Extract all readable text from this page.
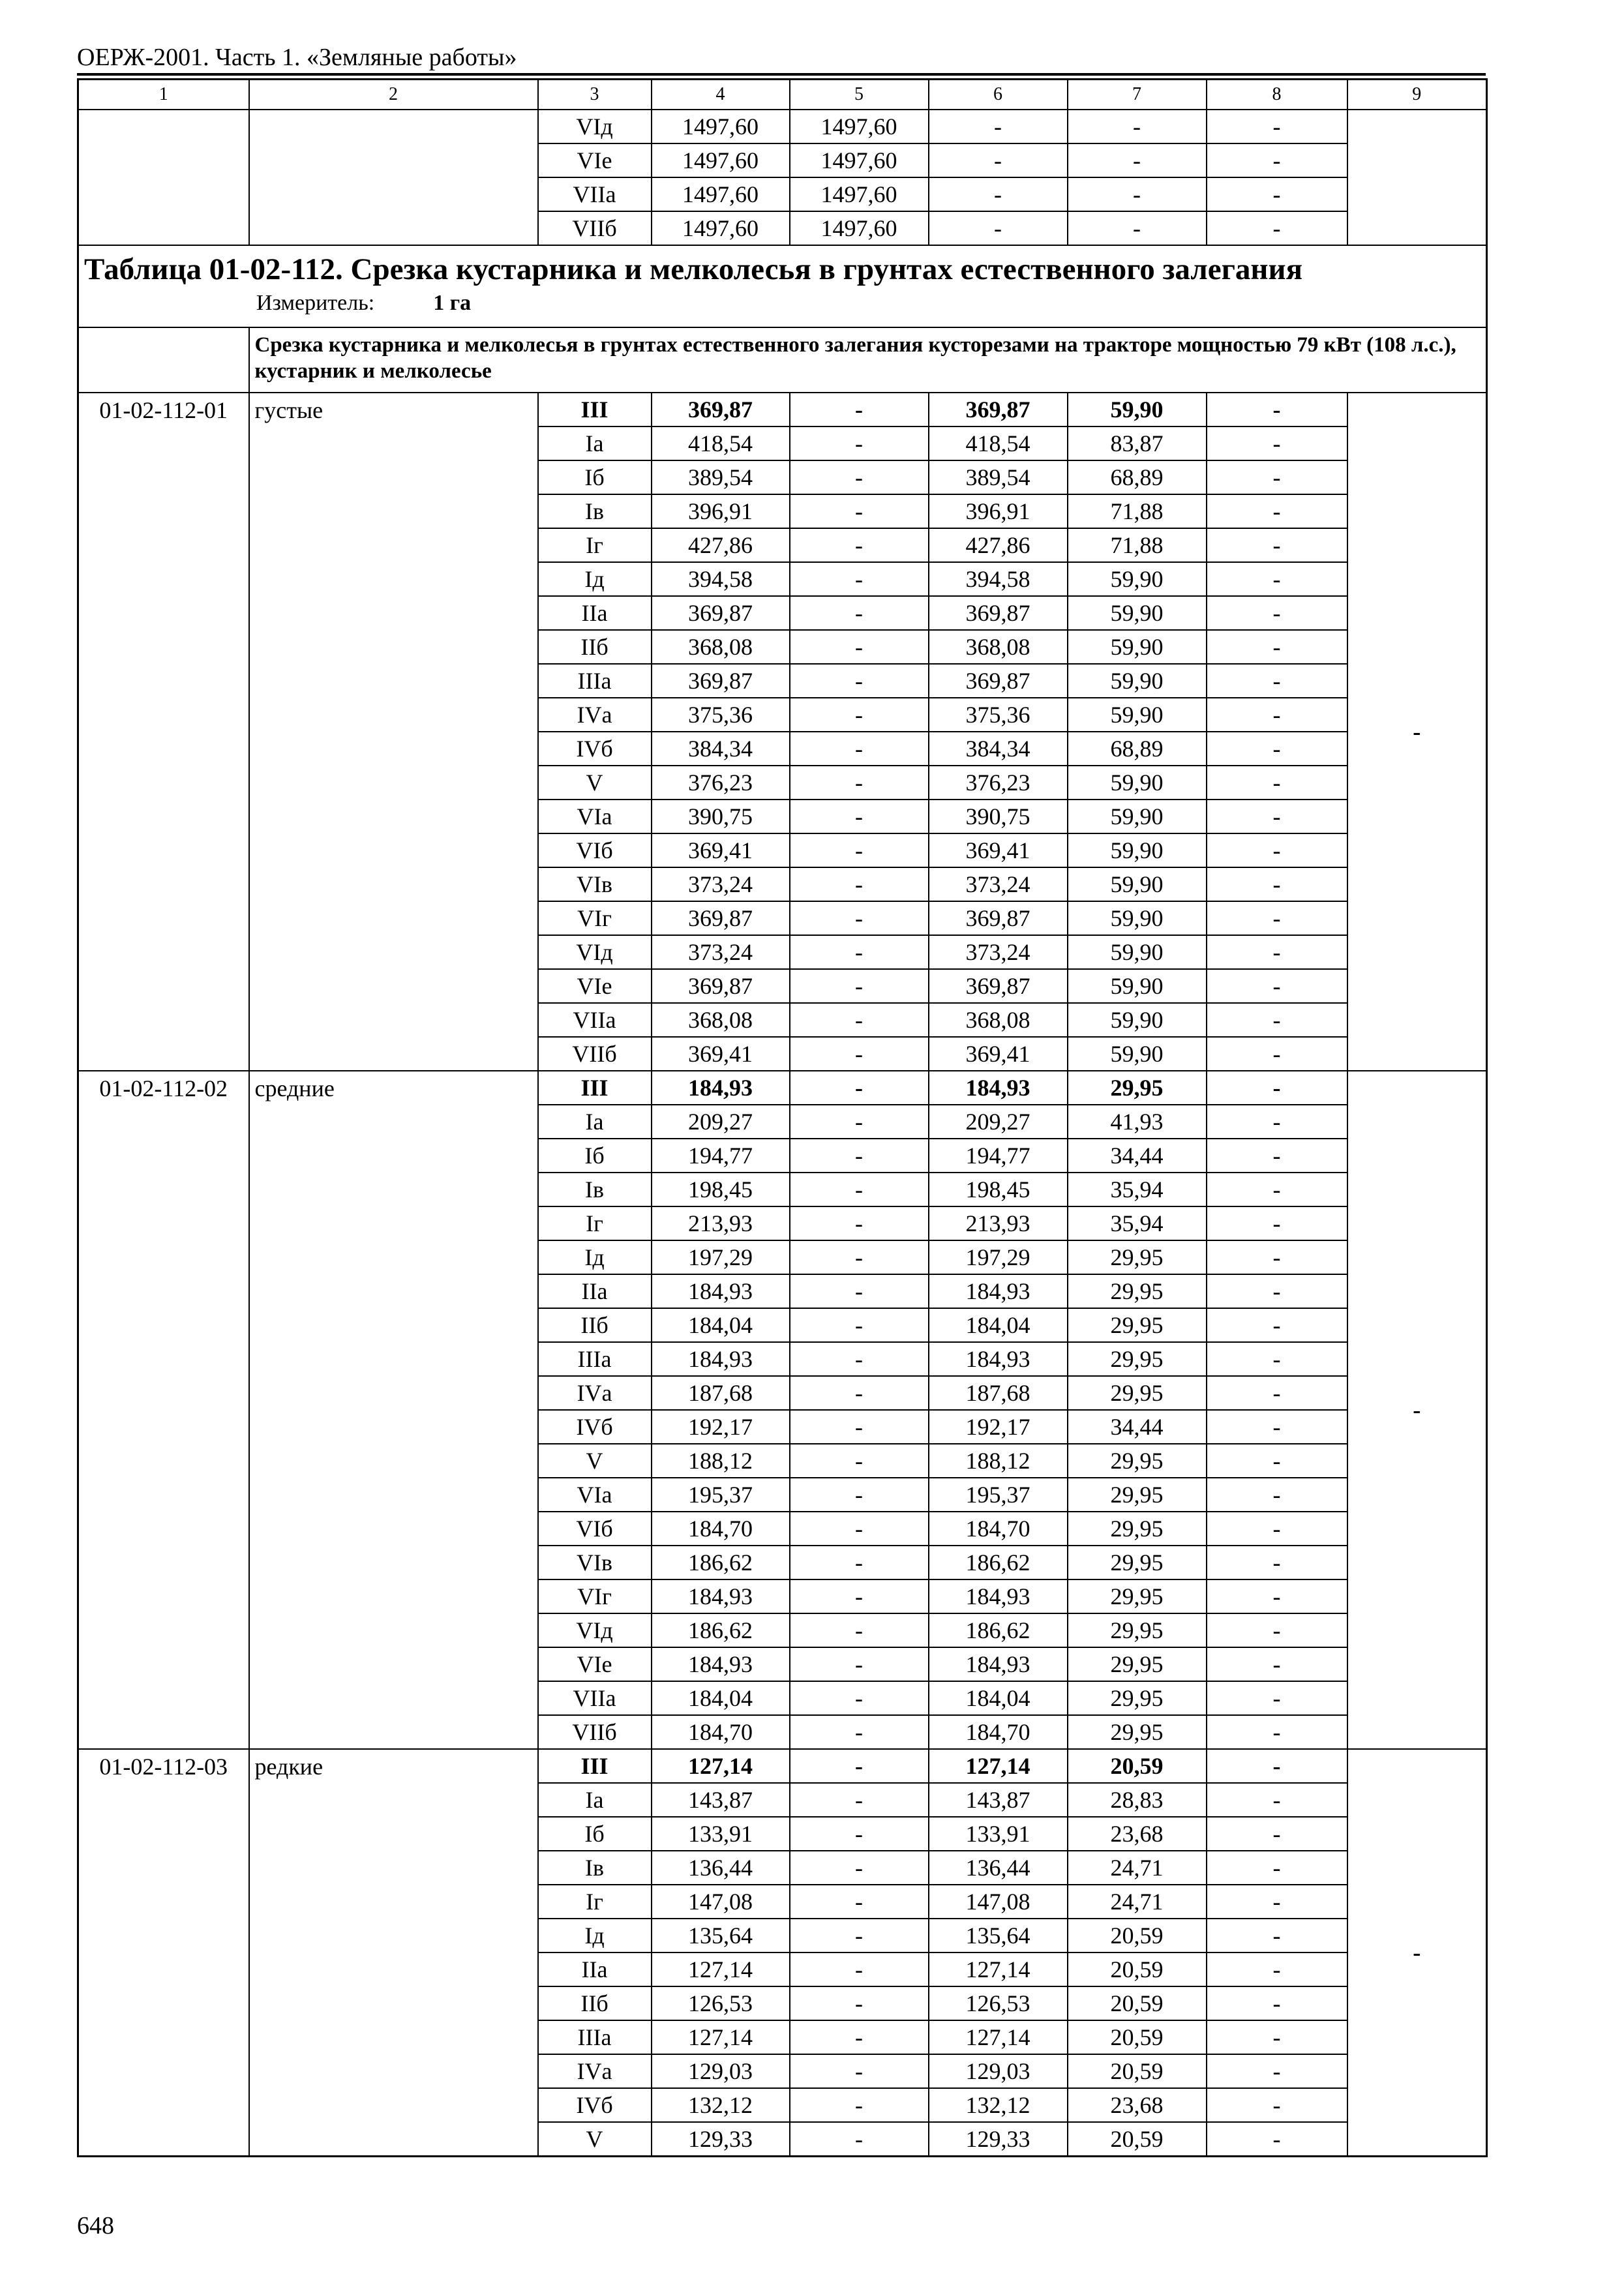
ОЕРЖ-2001. Часть 1. «Земляные работы»
1	2	3	4	5	6	7	8	9
		VIд	1497,60	1497,60	-	-	-	
		VIе	1497,60	1497,60	-	-	-	
		VIIа	1497,60	1497,60	-	-	-	
		VIIб	1497,60	1497,60	-	-	-	

Таблица 01-02-112. Срезка кустарника и мелколесья в грунтах естественного залегания
Измеритель: 1 га								

	Срезка кустарника и мелколесья в грунтах естественного залегания кусторезами на тракторе мощностью 79 кВт (108 л.с.), кустарник и мелколесье							
01-02-112-01	густые	III	369,87	-	369,87	59,90	-	-
		Iа	418,54	-	418,54	83,87	-	
		Iб	389,54	-	389,54	68,89	-	
		Iв	396,91	-	396,91	71,88	-	
		Iг	427,86	-	427,86	71,88	-	
		Iд	394,58	-	394,58	59,90	-	
		IIа	369,87	-	369,87	59,90	-	
		IIб	368,08	-	368,08	59,90	-	
		IIIа	369,87	-	369,87	59,90	-	
		IVа	375,36	-	375,36	59,90	-	
		IVб	384,34	-	384,34	68,89	-	
		V	376,23	-	376,23	59,90	-	
		VIа	390,75	-	390,75	59,90	-	
		VIб	369,41	-	369,41	59,90	-	
		VIв	373,24	-	373,24	59,90	-	
		VIг	369,87	-	369,87	59,90	-	
		VIд	373,24	-	373,24	59,90	-	
		VIе	369,87	-	369,87	59,90	-	
		VIIа	368,08	-	368,08	59,90	-	
		VIIб	369,41	-	369,41	59,90	-	
01-02-112-02	средние	III	184,93	-	184,93	29,95	-	-
		Iа	209,27	-	209,27	41,93	-	
		Iб	194,77	-	194,77	34,44	-	
		Iв	198,45	-	198,45	35,94	-	
		Iг	213,93	-	213,93	35,94	-	
		Iд	197,29	-	197,29	29,95	-	
		IIа	184,93	-	184,93	29,95	-	
		IIб	184,04	-	184,04	29,95	-	
		IIIа	184,93	-	184,93	29,95	-	
		IVа	187,68	-	187,68	29,95	-	
		IVб	192,17	-	192,17	34,44	-	
		V	188,12	-	188,12	29,95	-	
		VIа	195,37	-	195,37	29,95	-	
		VIб	184,70	-	184,70	29,95	-	
		VIв	186,62	-	186,62	29,95	-	
		VIг	184,93	-	184,93	29,95	-	
		VIд	186,62	-	186,62	29,95	-	
		VIе	184,93	-	184,93	29,95	-	
		VIIа	184,04	-	184,04	29,95	-	
		VIIб	184,70	-	184,70	29,95	-	
01-02-112-03	редкие	III	127,14	-	127,14	20,59	-	-
		Iа	143,87	-	143,87	28,83	-	
		Iб	133,91	-	133,91	23,68	-	
		Iв	136,44	-	136,44	24,71	-	
		Iг	147,08	-	147,08	24,71	-	
		Iд	135,64	-	135,64	20,59	-	
		IIа	127,14	-	127,14	20,59	-	
		IIб	126,53	-	126,53	20,59	-	
		IIIа	127,14	-	127,14	20,59	-	
		IVа	129,03	-	129,03	20,59	-	
		IVб	132,12	-	132,12	23,68	-	
		V	129,33	-	129,33	20,59	-	
648
